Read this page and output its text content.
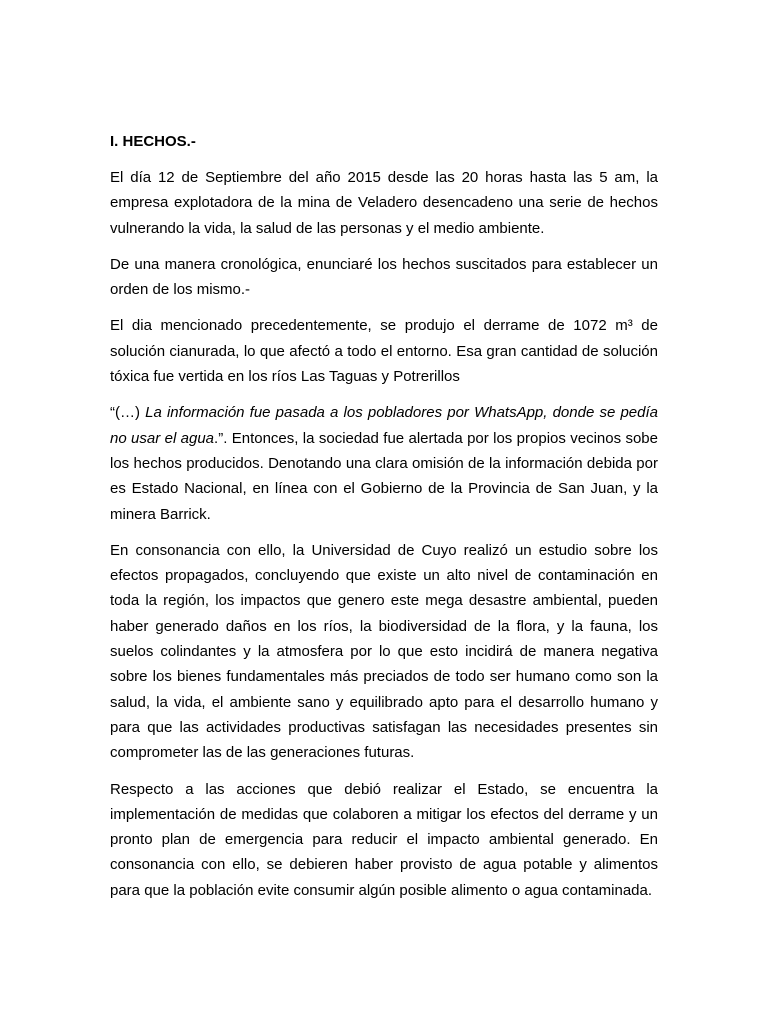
I. HECHOS.-

El día 12 de Septiembre del año 2015 desde las 20 horas hasta las 5 am, la empresa explotadora de la mina de Veladero desencadeno una serie de hechos vulnerando la vida, la salud de las personas y el medio ambiente.

De una manera cronológica, enunciaré los hechos suscitados para establecer un orden de los mismo.-

El dia mencionado precedentemente, se produjo el derrame de 1072 m³ de solución cianurada, lo que afectó a todo el entorno. Esa gran cantidad de solución tóxica fue vertida en los ríos Las Taguas y Potrerillos

“(…) La información fue pasada a los pobladores por WhatsApp, donde se pedía no usar el agua.”. Entonces, la sociedad fue alertada por los propios vecinos sobe los hechos producidos. Denotando una clara omisión de la información debida por es Estado Nacional, en línea con el Gobierno de la Provincia de San Juan, y la minera Barrick.

En consonancia con ello, la Universidad de Cuyo realizó un estudio sobre los efectos propagados, concluyendo que existe un alto nivel de contaminación en toda la región, los impactos que genero este mega desastre ambiental, pueden haber generado daños en los ríos, la biodiversidad de la flora, y la fauna, los suelos colindantes y la atmosfera por lo que esto incidirá de manera negativa sobre los bienes fundamentales más preciados de todo ser humano como son la salud, la vida, el ambiente sano y equilibrado apto para el desarrollo humano y para que las actividades productivas satisfagan las necesidades presentes sin comprometer las de las generaciones futuras.

Respecto a las acciones que debió realizar el Estado, se encuentra la implementación de medidas que colaboren a mitigar los efectos del derrame y un pronto plan de emergencia para reducir el impacto ambiental generado. En consonancia con ello, se debieren haber provisto de agua potable y alimentos para que la población evite consumir algún posible alimento o agua contaminada.
